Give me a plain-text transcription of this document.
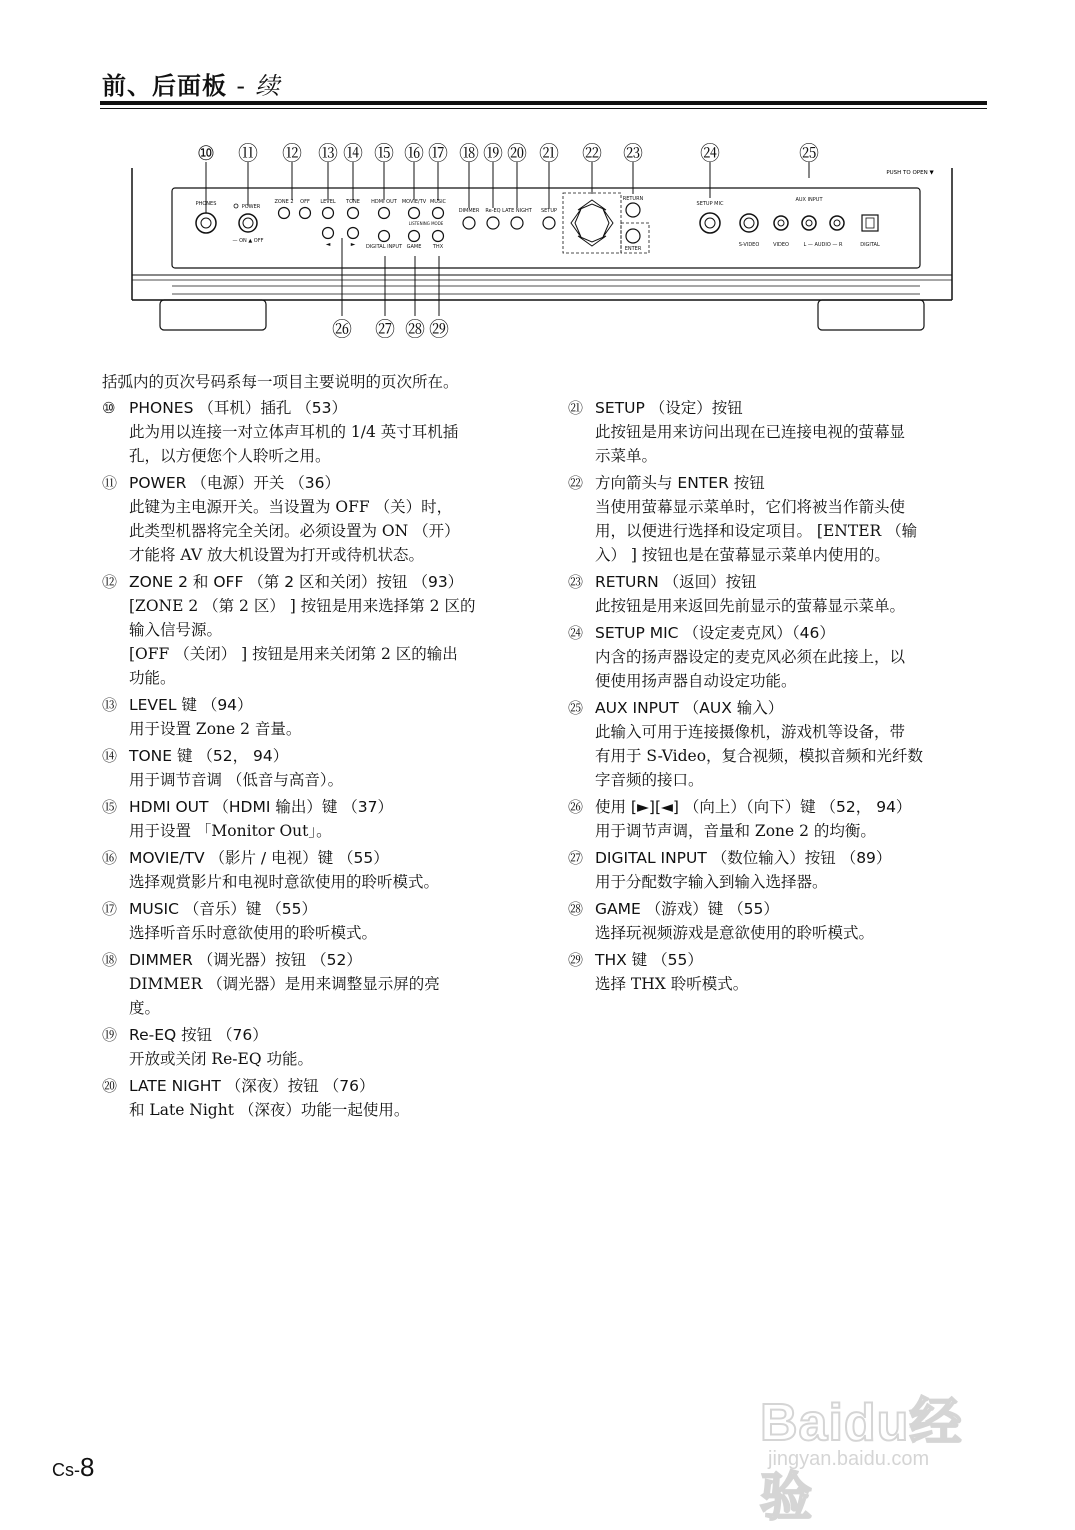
前、后面板 - 续
⑩ ⑪ ⑫ ⑬ ⑭ ⑮ ⑯ ⑰ ⑱ ⑲ ⑳ ㉑ ㉒ ㉓	㉔	㉕
PUSH TO OPEN ▼
PHONES	POWER
— ON ▲ OFF
ZONE 2 OFF LEVEL TONE HDMI OUT MOVIE/TV MUSIC
LISTENING MODE
DIMMER Re-EQ LATE NIGHT SETUP
RETURN
ENTER
SETUP MIC
AUX INPUT
S-VIDEO	VIDEO	L — AUDIO — R	DIGITAL
DIGITAL INPUT GAME THX
◄	►
㉖ ㉗ ㉘ ㉙
括弧内的页次号码系每一项目主要说明的页次所在。
⑩ PHONES （耳机）插孔 （53）
此为用以连接一对立体声耳机的 1/4 英寸耳机插
孔，以方便您个人聆听之用。
⑪ POWER （电源）开关 （36）
此键为主电源开关。当设置为 OFF （关）时，
此类型机器将完全关闭。必须设置为 ON （开）
才能将 AV 放大机设置为打开或待机状态。
⑫ ZONE 2 和 OFF （第 2 区和关闭）按钮 （93）
[ZONE 2 （第 2 区） ] 按钮是用来选择第 2 区的
输入信号源。
[OFF （关闭） ] 按钮是用来关闭第 2 区的输出
功能。
⑬ LEVEL 键 （94）
用于设置 Zone 2 音量。
⑭ TONE 键 （52， 94）
用于调节音调 （低音与高音）。
⑮ HDMI OUT （HDMI 输出）键 （37）
用于设置 「Monitor Out」。
⑯ MOVIE/TV （影片 / 电视）键 （55）
选择观赏影片和电视时意欲使用的聆听模式。
⑰ MUSIC （音乐）键 （55）
选择听音乐时意欲使用的聆听模式。
⑱ DIMMER （调光器）按钮 （52）
DIMMER （调光器）是用来调整显示屏的亮
度。
⑲ Re-EQ 按钮 （76）
开放或关闭 Re-EQ 功能。
⑳ LATE NIGHT （深夜）按钮 （76）
和 Late Night （深夜）功能一起使用。
㉑ SETUP （设定）按钮
此按钮是用来访问出现在已连接电视的萤幕显
示菜单。
㉒ 方向箭头与 ENTER 按钮
当使用萤幕显示菜单时，它们将被当作箭头使
用，以便进行选择和设定项目。 [ENTER （输
入） ] 按钮也是在萤幕显示菜单内使用的。
㉓ RETURN （返回）按钮
此按钮是用来返回先前显示的萤幕显示菜单。
㉔ SETUP MIC （设定麦克风）（46）
内含的扬声器设定的麦克风必须在此接上，以
便使用扬声器自动设定功能。
㉕ AUX INPUT （AUX 输入）
此输入可用于连接摄像机，游戏机等设备，带
有用于 S-Video，复合视频，模拟音频和光纤数
字音频的接口。
㉖ 使用 [►][◄] （向上）（向下）键 （52， 94）
用于调节声调，音量和 Zone 2 的均衡。
㉗ DIGITAL INPUT （数位输入）按钮 （89）
用于分配数字输入到输入选择器。
㉘ GAME （游戏）键 （55）
选择玩视频游戏是意欲使用的聆听模式。
㉙ THX 键 （55）
选择 THX 聆听模式。
Cs-8
Baidu经验
jingyan.baidu.com
